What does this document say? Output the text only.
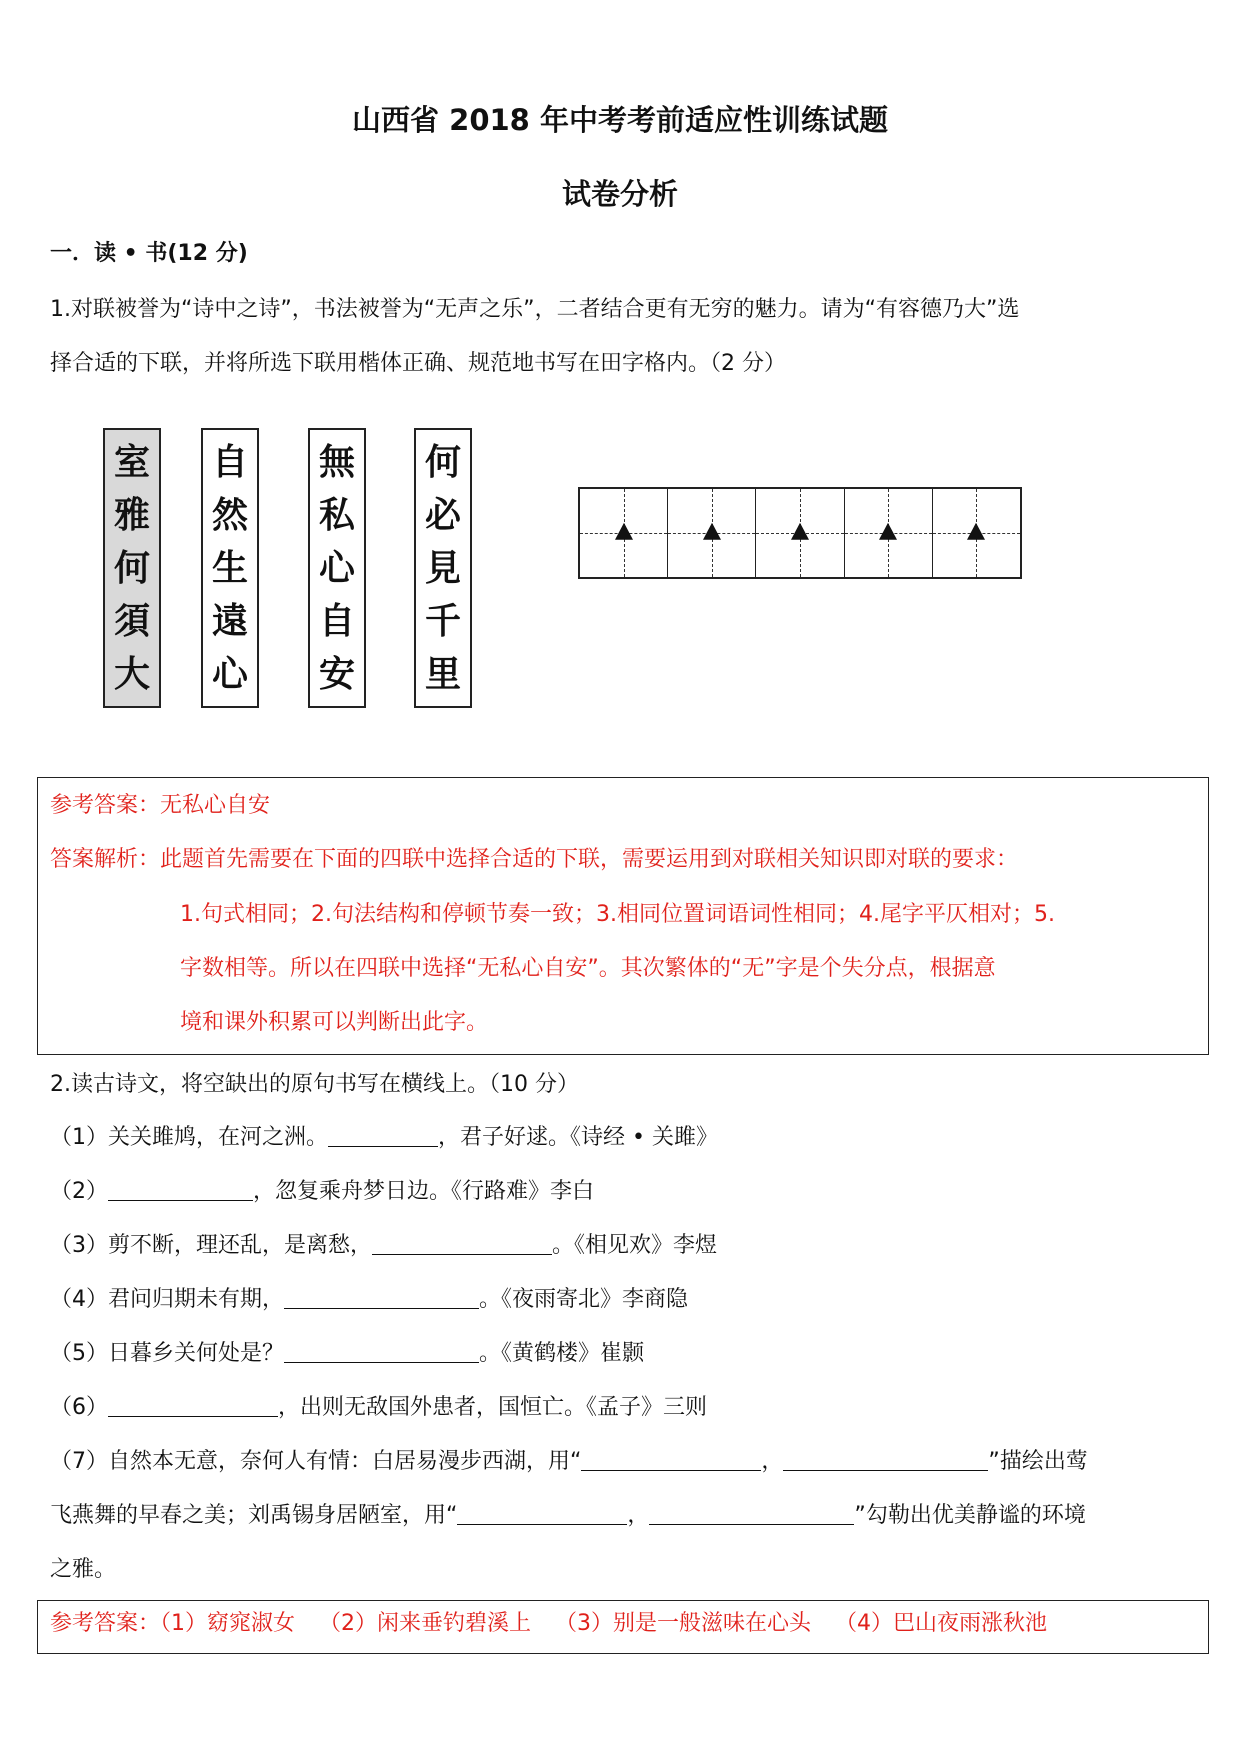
山西省 2018 年中考考前适应性训练试题
试卷分析
一．读 • 书(12 分)
1.对联被誉为“诗中之诗”，书法被誉为“无声之乐”，二者结合更有无穷的魅力。请为“有容德乃大”选
择合适的下联，并将所选下联用楷体正确、规范地书写在田字格内。（2 分）
室
雅
何
須
大
自
然
生
遠
心
無
私
心
自
安
何
必
見
千
里
参考答案：无私心自安
答案解析：此题首先需要在下面的四联中选择合适的下联，需要运用到对联相关知识即对联的要求：
1.句式相同；2.句法结构和停顿节奏一致；3.相同位置词语词性相同；4.尾字平仄相对；5.
字数相等。所以在四联中选择“无私心自安”。其次繁体的“无”字是个失分点，根据意
境和课外积累可以判断出此字。
2.读古诗文，将空缺出的原句书写在横线上。（10 分）
（1）关关雎鸠，在河之洲。	，君子好逑。《诗经 • 关雎》
（2）	，忽复乘舟梦日边。《行路难》李白
（3）剪不断，理还乱，是离愁，	。《相见欢》李煜
（4）君问归期未有期，	。《夜雨寄北》李商隐
（5）日暮乡关何处是？	。《黄鹤楼》崔颢
（6）	，出则无敌国外患者，国恒亡。《孟子》三则
（7）自然本无意，奈何人有情：白居易漫步西湖，用“	，	”描绘出莺
飞燕舞的早春之美；刘禹锡身居陋室，用“	，	”勾勒出优美静谧的环境
之雅。
参考答案：（1）窈窕淑女 （2）闲来垂钓碧溪上 （3）别是一般滋味在心头 （4）巴山夜雨涨秋池
